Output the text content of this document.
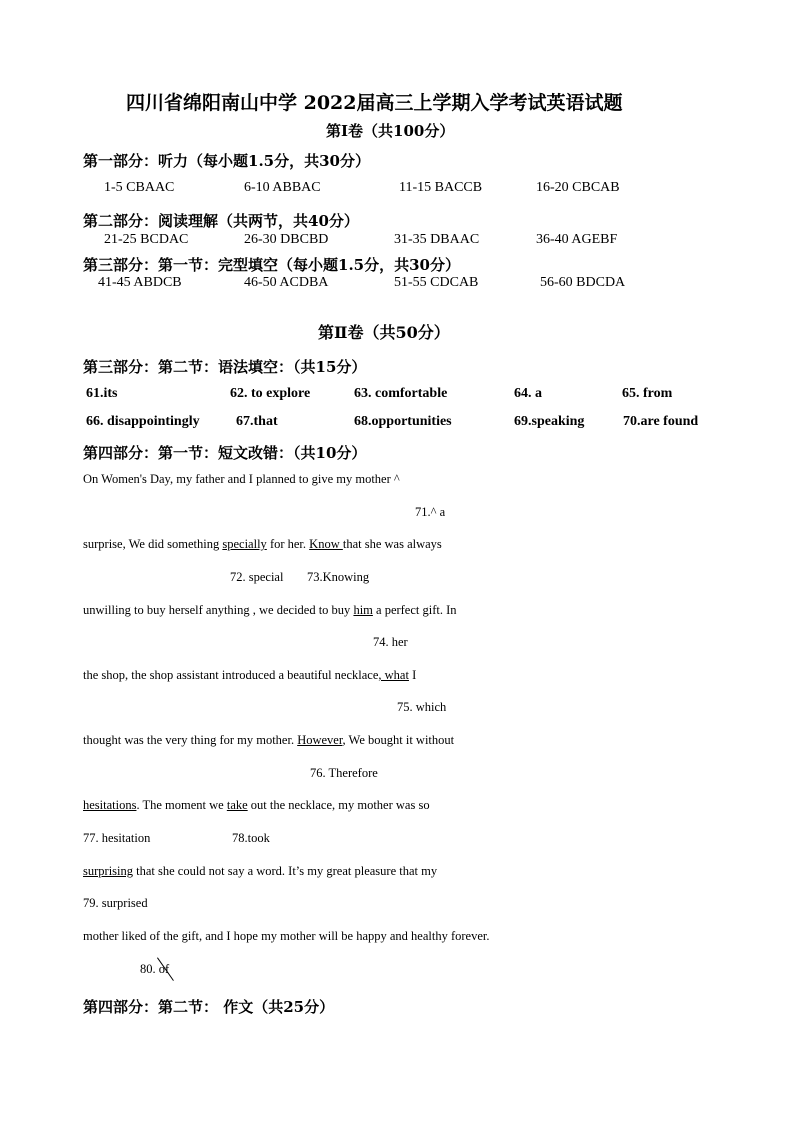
四川省绵阳南山中学 2022届高三上学期入学考试英语试题
第I卷（共100分）
第一部分：听力（每小题1.5分，共30分）
1-5 CBAAC	6-10 ABBAC	11-15 BACCB	16-20 CBCAB
第二部分：阅读理解（共两节，共40分）
21-25 BCDAC	26-30 DBCBD	31-35 DBAAC	36-40 AGEBF
第三部分：第一节：完型填空（每小题1.5分，共30分）
41-45 ABDCB	46-50 ACDBA	51-55 CDCAB	56-60 BDCDA
第Ⅱ卷（共50分）
第三部分：第二节：语法填空：（共15分）
61.its	62. to explore	63. comfortable	64. a	65. from
66. disappointingly	67.that	68.opportunities	69.speaking	70.are found
第四部分：第一节：短文改错：（共10分）
On Women's Day, my father and I planned to give my mother ^
71.^ a
surprise, We did something specially for her. Know that she was always
72. special 73.Knowing
unwilling to buy herself anything , we decided to buy him a perfect gift. In
74. her
the shop, the shop assistant introduced a beautiful necklace, what I
75. which
thought was the very thing for my mother. However, We bought it without
76. Therefore
hesitations. The moment we take out the necklace, my mother was so
77. hesitation	78.took
surprising that she could not say a word. It’s my great pleasure that my
79. surprised
mother liked of the gift, and I hope my mother will be happy and healthy forever.
80. of
第四部分：第二节： 作文（共25分）
